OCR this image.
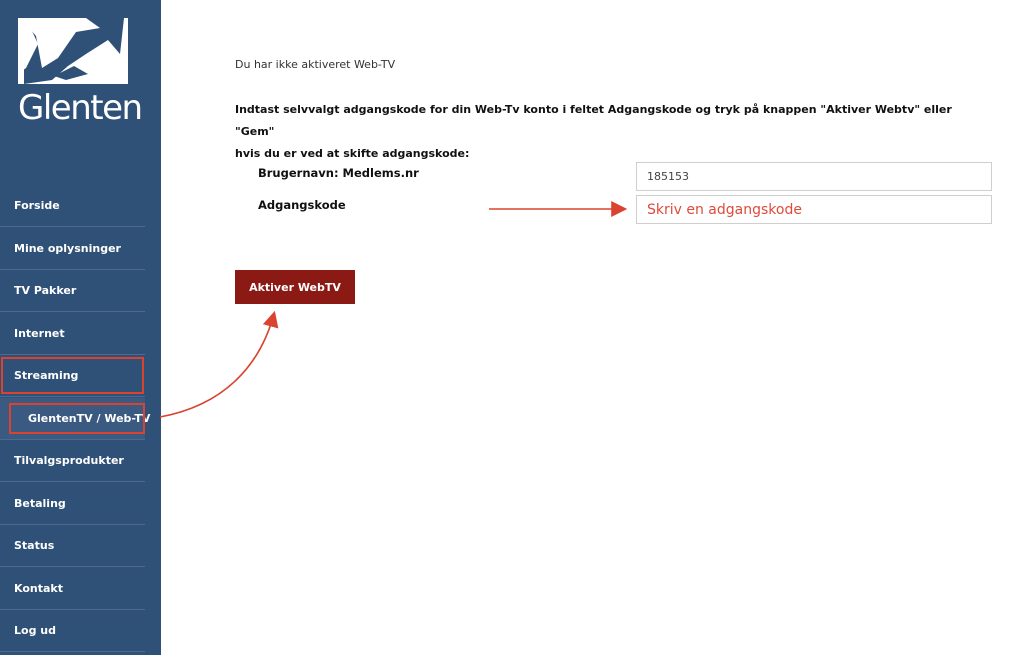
Glenten
Forside
Mine oplysninger
TV Pakker
Internet
Streaming
GlentenTV / Web-TV
Tilvalgsprodukter
Betaling
Status
Kontakt
Log ud
Du har ikke aktiveret Web-TV
Indtast selvvalgt adgangskode for din Web-Tv konto i feltet Adgangskode og tryk på knappen "Aktiver Webtv" eller "Gem"
hvis du er ved at skifte adgangskode:
Brugernavn: Medlems.nr
185153
Adgangskode
Skriv en adgangskode
Aktiver WebTV
